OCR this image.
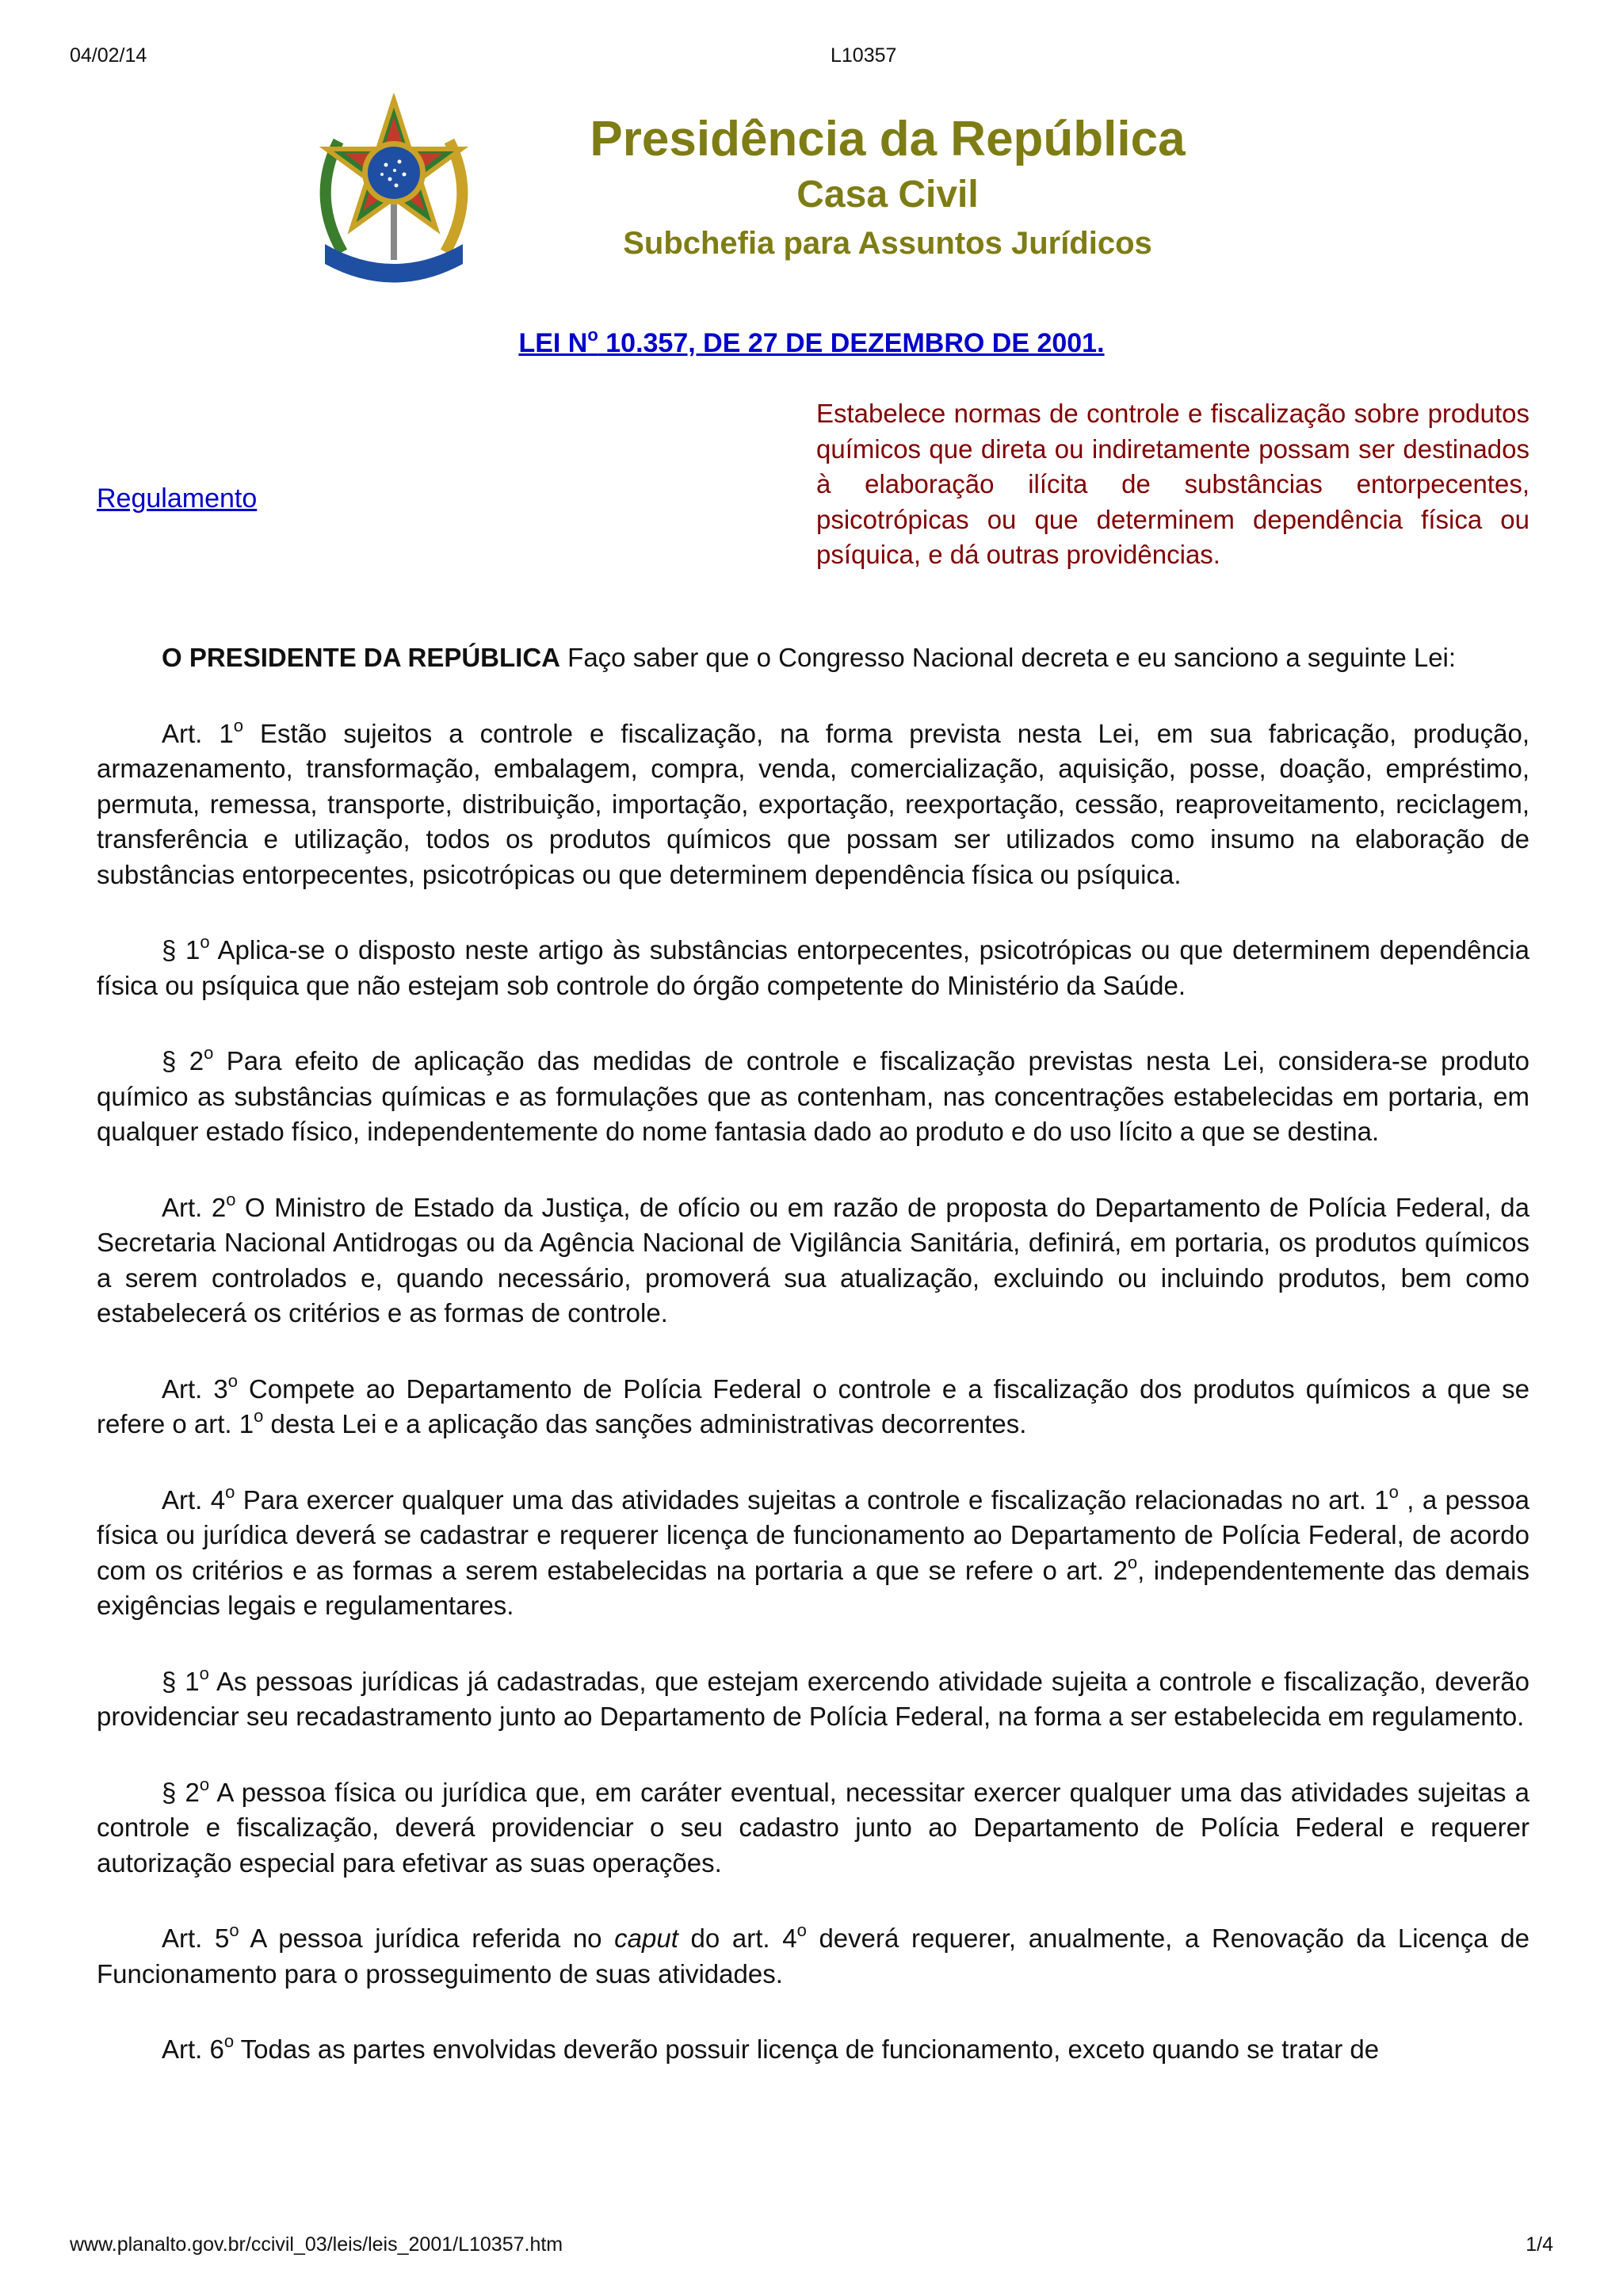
04/02/14	L10357
Presidência da República
Casa Civil
Subchefia para Assuntos Jurídicos
LEI $N^o$ 10.357, DE 27 DE DEZEMBRO DE 2001.
Regulamento
Estabelece normas de controle e fiscalização sobre produtos químicos que direta ou indiretamente possam ser destinados à elaboração ilícita de substâncias entorpecentes, psicotrópicas ou que determinem dependência física ou psíquica, e dá outras providências.

O PRESIDENTE DA REPÚBLICA Faço saber que o Congresso Nacional decreta e eu sanciono a seguinte Lei:

Art. 1$^o$ Estão sujeitos a controle e fiscalização, na forma prevista nesta Lei, em sua fabricação, produção, armazenamento, transformação, embalagem, compra, venda, comercialização, aquisição, posse, doação, empréstimo, permuta, remessa, transporte, distribuição, importação, exportação, reexportação, cessão, reaproveitamento, reciclagem, transferência e utilização, todos os produtos químicos que possam ser utilizados como insumo na elaboração de substâncias entorpecentes, psicotrópicas ou que determinem dependência física ou psíquica.

§ 1$^o$ Aplica-se o disposto neste artigo às substâncias entorpecentes, psicotrópicas ou que determinem dependência física ou psíquica que não estejam sob controle do órgão competente do Ministério da Saúde.

§ 2$^o$ Para efeito de aplicação das medidas de controle e fiscalização previstas nesta Lei, considera-se produto químico as substâncias químicas e as formulações que as contenham, nas concentrações estabelecidas em portaria, em qualquer estado físico, independentemente do nome fantasia dado ao produto e do uso lícito a que se destina.

Art. 2$^o$ O Ministro de Estado da Justiça, de ofício ou em razão de proposta do Departamento de Polícia Federal, da Secretaria Nacional Antidrogas ou da Agência Nacional de Vigilância Sanitária, definirá, em portaria, os produtos químicos a serem controlados e, quando necessário, promoverá sua atualização, excluindo ou incluindo produtos, bem como estabelecerá os critérios e as formas de controle.

Art. 3$^o$ Compete ao Departamento de Polícia Federal o controle e a fiscalização dos produtos químicos a que se refere o art. 1$^o$ desta Lei e a aplicação das sanções administrativas decorrentes.

Art. 4$^o$ Para exercer qualquer uma das atividades sujeitas a controle e fiscalização relacionadas no art. 1$^o$ , a pessoa física ou jurídica deverá se cadastrar e requerer licença de funcionamento ao Departamento de Polícia Federal, de acordo com os critérios e as formas a serem estabelecidas na portaria a que se refere o art. 2$^o$, independentemente das demais exigências legais e regulamentares.

§ 1$^o$ As pessoas jurídicas já cadastradas, que estejam exercendo atividade sujeita a controle e fiscalização, deverão providenciar seu recadastramento junto ao Departamento de Polícia Federal, na forma a ser estabelecida em regulamento.

§ 2$^o$ A pessoa física ou jurídica que, em caráter eventual, necessitar exercer qualquer uma das atividades sujeitas a controle e fiscalização, deverá providenciar o seu cadastro junto ao Departamento de Polícia Federal e requerer autorização especial para efetivar as suas operações.

Art. 5$^o$ A pessoa jurídica referida no caput do art. 4$^o$ deverá requerer, anualmente, a Renovação da Licença de Funcionamento para o prosseguimento de suas atividades.

Art. 6$^o$ Todas as partes envolvidas deverão possuir licença de funcionamento, exceto quando se tratar de

www.planalto.gov.br/ccivil_03/leis/leis_2001/L10357.htm	1/4
